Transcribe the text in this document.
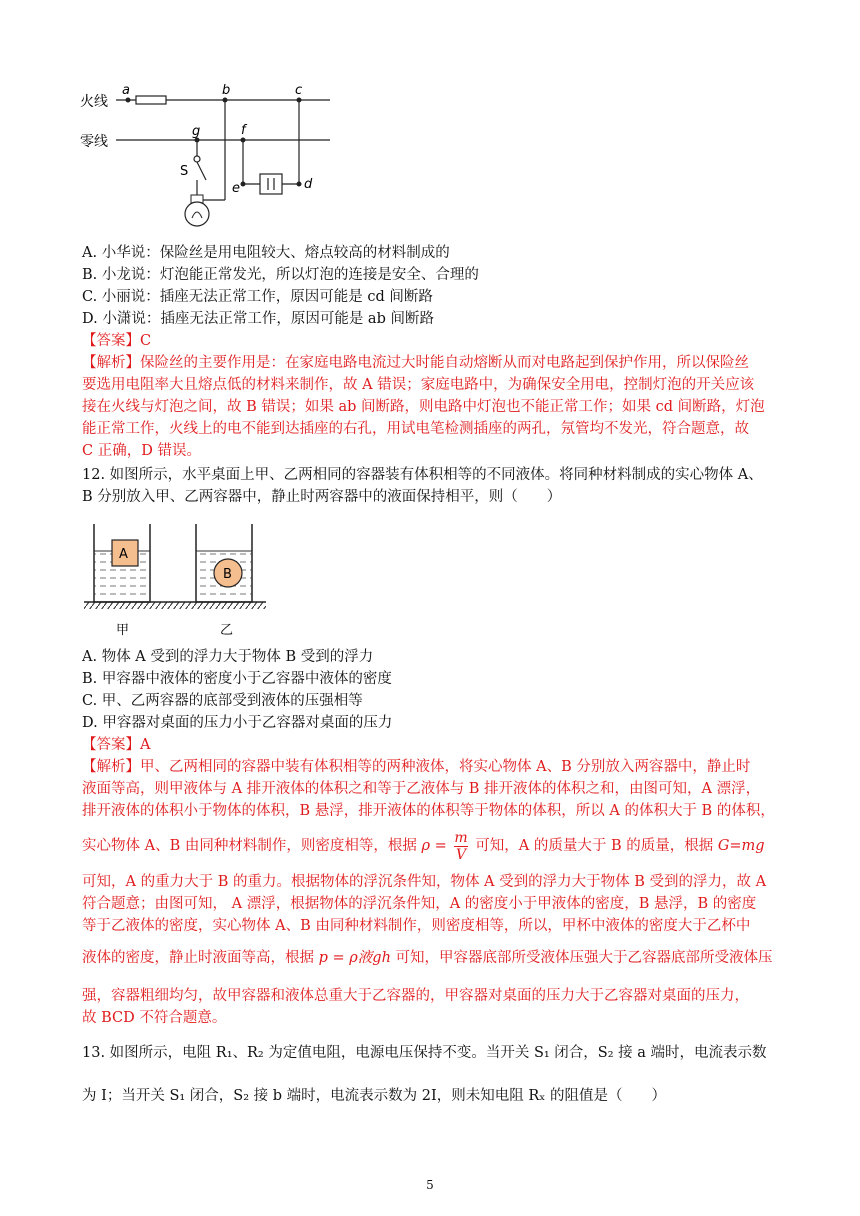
火线
零线
a	b	c
g	f
S
e	d
A. 小华说：保险丝是用电阻较大、熔点较高的材料制成的
B. 小龙说：灯泡能正常发光，所以灯泡的连接是安全、合理的
C. 小丽说：插座无法正常工作，原因可能是 cd 间断路
D. 小潇说：插座无法正常工作，原因可能是 ab 间断路
【答案】C
【解析】保险丝的主要作用是：在家庭电路电流过大时能自动熔断从而对电路起到保护作用，所以保险丝
要选用电阻率大且熔点低的材料来制作，故 A 错误；家庭电路中，为确保安全用电，控制灯泡的开关应该
接在火线与灯泡之间，故 B 错误；如果 ab 间断路，则电路中灯泡也不能正常工作；如果 cd 间断路，灯泡
能正常工作，火线上的电不能到达插座的右孔，用试电笔检测插座的两孔，氖管均不发光，符合题意，故
C 正确，D 错误。
12. 如图所示，水平桌面上甲、乙两相同的容器装有体积相等的不同液体。将同种材料制成的实心物体 A、
B 分别放入甲、乙两容器中，静止时两容器中的液面保持相平，则（　　）
A
B
甲	乙
A. 物体 A 受到的浮力大于物体 B 受到的浮力
B. 甲容器中液体的密度小于乙容器中液体的密度
C. 甲、乙两容器的底部受到液体的压强相等
D. 甲容器对桌面的压力小于乙容器对桌面的压力
【答案】A
【解析】甲、乙两相同的容器中装有体积相等的两种液体，将实心物体 A、B 分别放入两容器中，静止时
液面等高，则甲液体与 A 排开液体的体积之和等于乙液体与 B 排开液体的体积之和，由图可知，A 漂浮，
排开液体的体积小于物体的体积，B 悬浮，排开液体的体积等于物体的体积，所以 A 的体积大于 B 的体积，
实心物体 A、B 由同种材料制作，则密度相等，根据 $\rho = \frac{m}{V}$ 可知，A 的质量大于 B 的质量，根据 G=mg
可知，A 的重力大于 B 的重力。根据物体的浮沉条件知，物体 A 受到的浮力大于物体 B 受到的浮力，故 A
符合题意；由图可知， A 漂浮，根据物体的浮沉条件知，A 的密度小于甲液体的密度，B 悬浮，B 的密度
等于乙液体的密度，实心物体 A、B 由同种材料制作，则密度相等，所以，甲杯中液体的密度大于乙杯中
液体的密度，静止时液面等高，根据 p = ρ液gh 可知，甲容器底部所受液体压强大于乙容器底部所受液体压
强，容器粗细均匀，故甲容器和液体总重大于乙容器的，甲容器对桌面的压力大于乙容器对桌面的压力，
故 BCD 不符合题意。
13. 如图所示，电阻 R₁、R₂ 为定值电阻，电源电压保持不变。当开关 S₁ 闭合，S₂ 接 a 端时，电流表示数
为 I；当开关 S₁ 闭合，S₂ 接 b 端时，电流表示数为 2I，则未知电阻 Rₓ 的阻值是（　　）
5
